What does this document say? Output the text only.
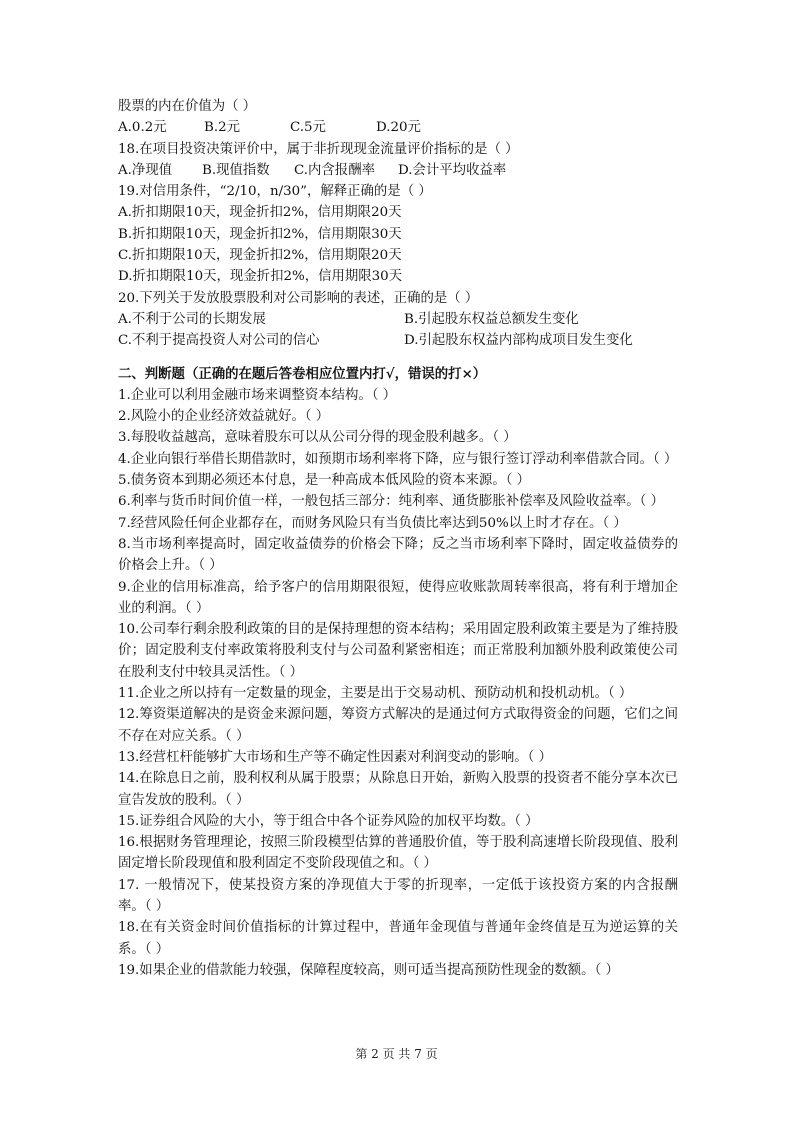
股票的内在价值为（ ）
A.0.2元	B.2元	C.5元	D.20元
18.在项目投资决策评价中，属于非折现现金流量评价指标的是（ ）
A.净现值	B.现值指数	C.内含报酬率	D.会计平均收益率
19.对信用条件，“2/10，n/30”，解释正确的是（ ）
A.折扣期限10天，现金折扣2%，信用期限20天
B.折扣期限10天，现金折扣2%，信用期限30天
C.折扣期限10天，现金折扣2%，信用期限20天
D.折扣期限10天，现金折扣2%，信用期限30天
20.下列关于发放股票股利对公司影响的表述，正确的是（ ）
A.不利于公司的长期发展	B.引起股东权益总额发生变化
C.不利于提高投资人对公司的信心	D.引起股东权益内部构成项目发生变化
二、判断题（正确的在题后答卷相应位置内打√，错误的打×）
1.企业可以利用金融市场来调整资本结构。（ ）
2.风险小的企业经济效益就好。（ ）
3.每股收益越高，意味着股东可以从公司分得的现金股利越多。（ ）
4.企业向银行举借长期借款时，如预期市场利率将下降，应与银行签订浮动利率借款合同。（ ）
5.债务资本到期必须还本付息，是一种高成本低风险的资本来源。（ ）
6.利率与货币时间价值一样，一般包括三部分：纯利率、通货膨胀补偿率及风险收益率。（ ）
7.经营风险任何企业都存在，而财务风险只有当负债比率达到50%以上时才存在。（ ）
8.当市场利率提高时，固定收益债券的价格会下降；反之当市场利率下降时，固定收益债券的价格会上升。（ ）
9.企业的信用标准高，给予客户的信用期限很短，使得应收账款周转率很高，将有利于增加企业的利润。（ ）
10.公司奉行剩余股利政策的目的是保持理想的资本结构；采用固定股利政策主要是为了维持股价；固定股利支付率政策将股利支付与公司盈利紧密相连；而正常股利加额外股利政策使公司在股利支付中较具灵活性。（ ）
11.企业之所以持有一定数量的现金，主要是出于交易动机、预防动机和投机动机。（ ）
12.筹资渠道解决的是资金来源问题，筹资方式解决的是通过何方式取得资金的问题，它们之间不存在对应关系。（ ）
13.经营杠杆能够扩大市场和生产等不确定性因素对利润变动的影响。（ ）
14.在除息日之前，股利权利从属于股票；从除息日开始，新购入股票的投资者不能分享本次已宣告发放的股利。（ ）
15.证券组合风险的大小，等于组合中各个证券风险的加权平均数。（ ）
16.根据财务管理理论，按照三阶段模型估算的普通股价值，等于股利高速增长阶段现值、股利固定增长阶段现值和股利固定不变阶段现值之和。（ ）
17. 一般情况下，使某投资方案的净现值大于零的折现率，一定低于该投资方案的内含报酬率。（ ）
18.在有关资金时间价值指标的计算过程中，普通年金现值与普通年金终值是互为逆运算的关系。（ ）
19.如果企业的借款能力较强，保障程度较高，则可适当提高预防性现金的数额。（ ）
第 2 页 共 7 页
